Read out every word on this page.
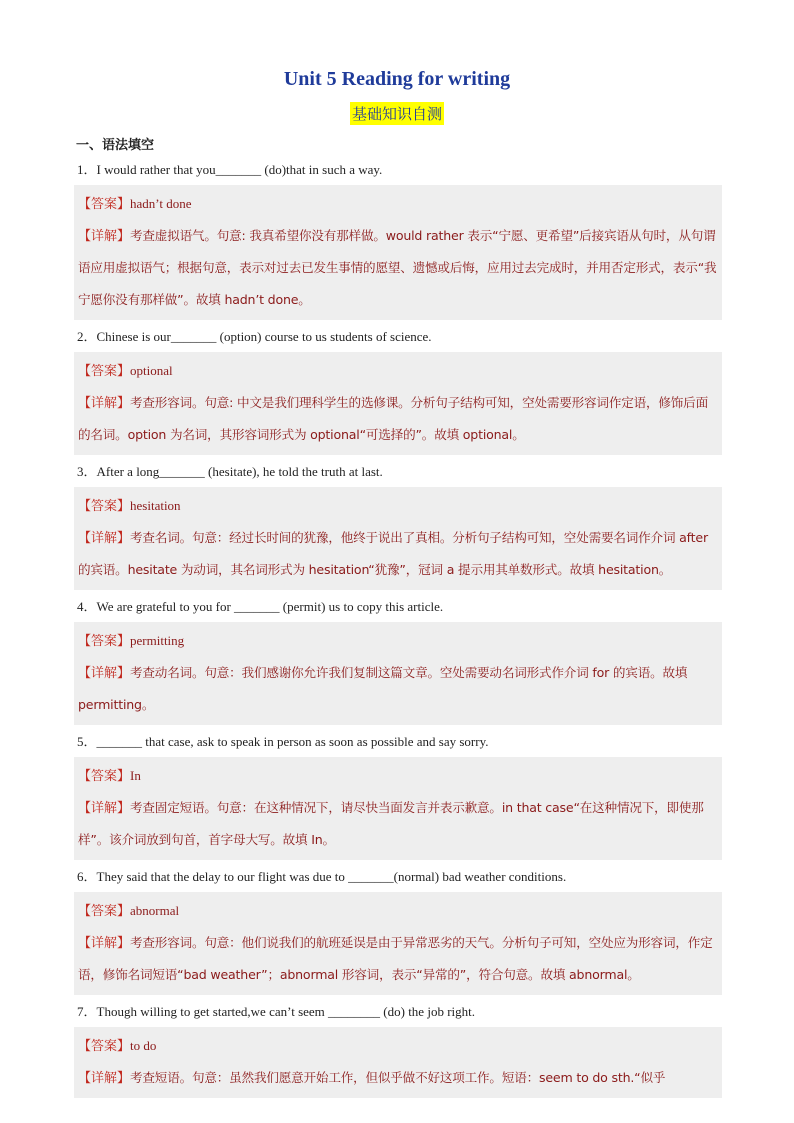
Unit 5 Reading for writing
基础知识自测
一、语法填空
1．I would rather that you_______ (do)that in such a way.
【答案】hadn’t done
【详解】考查虚拟语气。句意: 我真希望你没有那样做。would rather 表示“宁愿、更希望”后接宾语从句时，从句谓语应用虚拟语气；根据句意，表示对过去已发生事情的愿望、遗憾或后悔，应用过去完成时，并用否定形式，表示“我宁愿你没有那样做”。故填 hadn’t done。
2．Chinese is our_______ (option) course to us students of science.
【答案】optional
【详解】考查形容词。句意: 中文是我们理科学生的选修课。分析句子结构可知，空处需要形容词作定语，修饰后面的名词。option 为名词，其形容词形式为 optional“可选择的”。故填 optional。
3．After a long_______ (hesitate), he told the truth at last.
【答案】hesitation
【详解】考查名词。句意：经过长时间的犹豫，他终于说出了真相。分析句子结构可知，空处需要名词作介词 after 的宾语。hesitate 为动词，其名词形式为 hesitation“犹豫”，冠词 a 提示用其单数形式。故填 hesitation。
4．We are grateful to you for _______ (permit) us to copy this article.
【答案】permitting
【详解】考查动名词。句意：我们感谢你允许我们复制这篇文章。空处需要动名词形式作介词 for 的宾语。故填 permitting。
5．_______ that case, ask to speak in person as soon as possible and say sorry.
【答案】In
【详解】考查固定短语。句意：在这种情况下，请尽快当面发言并表示歉意。in that case“在这种情况下，即使那样”。该介词放到句首，首字母大写。故填 In。
6．They said that the delay to our flight was due to _______(normal) bad weather conditions.
【答案】abnormal
【详解】考查形容词。句意：他们说我们的航班延误是由于异常恶劣的天气。分析句子可知，空处应为形容词，作定语，修饰名词短语“bad weather”；abnormal 形容词，表示“异常的”，符合句意。故填 abnormal。
7．Though willing to get started,we can’t seem ________ (do) the job right.
【答案】to do
【详解】考查短语。句意：虽然我们愿意开始工作，但似乎做不好这项工作。短语：seem to do sth.“似乎
